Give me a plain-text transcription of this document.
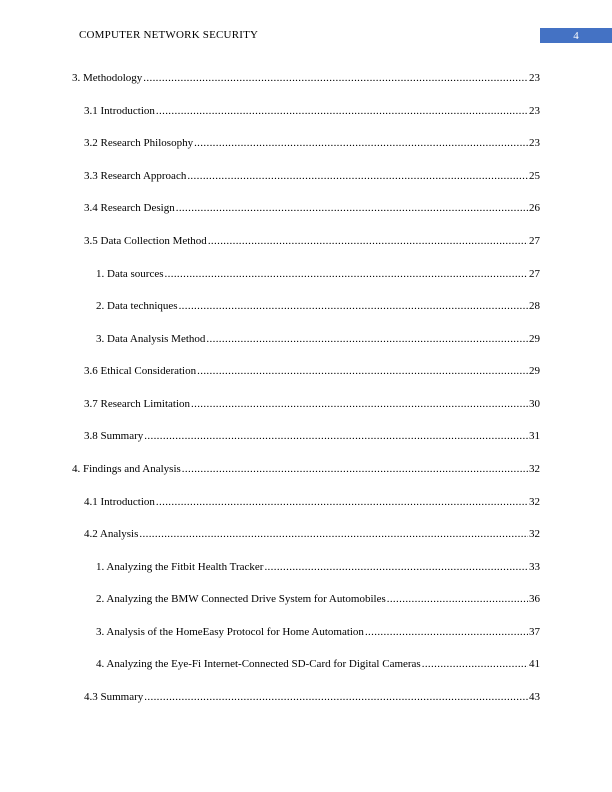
COMPUTER NETWORK SECURITY	4
3. Methodology .....	23
3.1 Introduction .....	23
3.2 Research Philosophy .....	23
3.3 Research Approach .....	25
3.4 Research Design .....	26
3.5 Data Collection Method .....	27
1. Data sources .....	27
2. Data techniques .....	28
3. Data Analysis Method .....	29
3.6 Ethical Consideration .....	29
3.7 Research Limitation .....	30
3.8 Summary .....	31
4. Findings and Analysis .....	32
4.1 Introduction .....	32
4.2 Analysis .....	32
1. Analyzing the Fitbit Health Tracker .....	33
2. Analyzing the BMW Connected Drive System for Automobiles .....	36
3. Analysis of the HomeEasy Protocol for Home Automation .....	37
4. Analyzing the Eye-Fi Internet-Connected SD-Card for Digital Cameras .....	41
4.3 Summary .....	43
